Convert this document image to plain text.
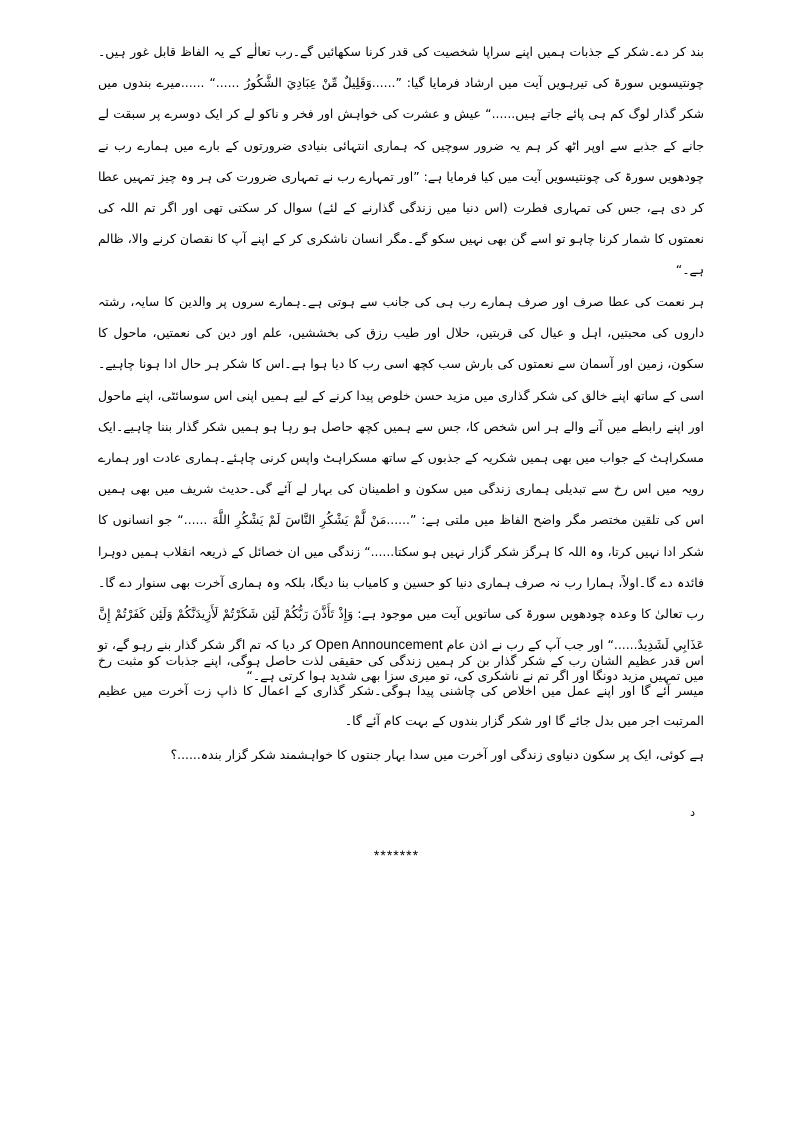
بند کر دے۔شکر کے جذبات ہمیں اپنے سراپا شخصیت کی قدر کرنا سکھائیں گے۔رب تعالٰے کے یہ الفاظ قابل غور ہیں۔چونتیسویں سورۃ کی تیرہویں آیت میں ارشاد فرمایا گیا: ”......وَقَلِيلٌ مِّنْ عِبَادِيَ الشَّكُورُ ......“ ......میرے بندوں میں شکر گذار لوگ کم ہی پائے جاتے ہیں......“ عیش و عشرت کی خواہش اور فخر و ناکو لے کر ایک دوسرے پر سبقت لے جانے کے جذبے سے اوپر اٹھ کر ہم یہ ضرور سوچیں کہ ہماری انتہائی بنیادی ضرورتوں کے بارے میں ہمارے رب نے چودھویں سورۃ کی چونتیسویں آیت میں کیا فرمایا ہے: ”اور تمہارے رب نے تمہاری ضرورت کی ہر وہ چیز تمہیں عطا کر دی ہے، جس کی تمہاری فطرت (اس دنیا میں زندگی گذارنے کے لئے) سوال کر سکتی تھی اور اگر تم اللہ کی نعمتوں کا شمار کرنا چاہو تو اسے گن بھی نہیں سکو گے۔مگر انسان ناشکری کر کے اپنے آپ کا نقصان کرنے والا، ظالم ہے۔“

ہر نعمت کی عطا صرف اور صرف ہمارے رب ہی کی جانب سے ہوتی ہے۔ہمارے سروں پر والدین کا سایہ، رشتہ داروں کی محبتیں، اہل و عیال کی قربتیں، حلال اور طیب رزق کی بخششیں، علم اور دین کی نعمتیں، ماحول کا سکون، زمین اور آسمان سے نعمتوں کی بارش سب کچھ اسی رب کا دیا ہوا ہے۔اس کا شکر ہر حال ادا ہونا چاہیے۔اسی کے ساتھ اپنے خالق کی شکر گذاری میں مزید حسن خلوص پیدا کرنے کے لیے ہمیں اپنی اس سوسائٹی، اپنے ماحول اور اپنے رابطے میں آنے والے ہر اس شخص کا، جس سے ہمیں کچھ حاصل ہو رہا ہو ہمیں شکر گذار بننا چاہیے۔ایک مسکراہٹ کے جواب میں بھی ہمیں شکریہ کے جذبوں کے ساتھ مسکراہٹ واپس کرنی چاہئے۔ہماری عادت اور ہمارے رویہ میں اس رخ سے تبدیلی ہماری زندگی میں سکون و اطمینان کی بہار لے آئے گی۔حدیث شریف میں بھی ہمیں اس کی تلقین مختصر مگر واضح الفاظ میں ملتی ہے: ”......مَنْ لَّمْ يَشْكُرِ النَّاسَ لَمْ يَشْكُرِ اللَّهَ ......“ جو انسانوں کا شکر ادا نہیں کرتا، وہ اللہ کا ہرگز شکر گزار نہیں ہو سکتا......“ زندگی میں ان خصائل کے ذریعہ انقلاب ہمیں دوہرا فائدہ دے گا۔اولاً، ہمارا رب نہ صرف ہماری دنیا کو حسین و کامیاب بنا دیگا، بلکہ وہ ہماری آخرت بھی سنوار دے گا۔رب تعالیٰ کا وعدہ چودھویں سورۃ کی ساتویں آیت میں موجود ہے: وَإِذْ تَأَذَّنَ رَبُّكُمْ لَئِن شَكَرْتُمْ لَأَزِيدَنَّكُمْ وَلَئِن كَفَرْتُمْ إِنَّ عَذَابِي لَشَدِيدٌ......“ اور جب آپ کے رب نے اذن عام Open Announcement کر دیا کہ تم اگر شکر گذار بنے رہو گے، تو میں تمہیں مزید دونگا اور اگر تم نے ناشکری کی، تو میری سزا بھی شدید ہوا کرتی ہے۔“

اس قدر عظیم الشان رب کے شکر گذار بن کر ہمیں زندگی کی حقیقی لذت حاصل ہوگی، اپنے جذبات کو مثبت رخ میسر آئے گا اور اپنے عمل میں اخلاص کی چاشنی پیدا ہوگی۔شکر گذاری کے اعمال کا ذاپ زت آخرت میں عظیم المرتبت اجر میں بدل جائے گا اور شکر گزار بندوں کے بہت کام آئے گا۔

ہے کوئی، ایک پر سکون دنیاوی زندگی اور آخرت میں سدا بہار جنتوں کا خواہشمند شکر گزار بندہ......؟

د
*******
